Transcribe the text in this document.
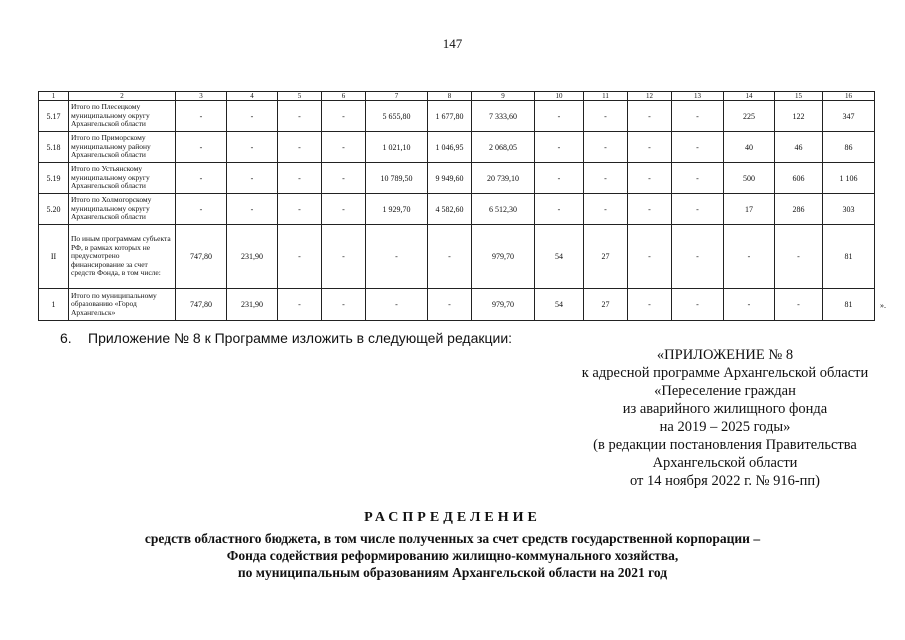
147
1	2	3	4	5	6	7	8	9	10	11	12	13	14	15	16
5.17	Итого по Плесецкому муниципальному округу Архангельской области	-	-	-	-	5 655,80	1 677,80	7 333,60	-	-	-	-	225	122	347
5.18	Итого по Приморскому муниципальному району Архангельской области	-	-	-	-	1 021,10	1 046,95	2 068,05	-	-	-	-	40	46	86
5.19	Итого по Устьянскому муниципальному округу Архангельской области	-	-	-	-	10 789,50	9 949,60	20 739,10	-	-	-	-	500	606	1 106
5.20	Итого по Холмогорскому муниципальному округу Архангельской области	-	-	-	-	1 929,70	4 582,60	6 512,30	-	-	-	-	17	286	303
II	По иным программам субъекта РФ, в рамках которых не предусмотрено финансирование за счет средств Фонда, в том числе:	747,80	231,90	-	-	-	-	979,70	54	27	-	-	-	-	81
1	Итого по муниципальному образованию «Город Архангельск»	747,80	231,90	-	-	-	-	979,70	54	27	-	-	-	-	81	».
6. Приложение № 8 к Программе изложить в следующей редакции:
«ПРИЛОЖЕНИЕ № 8
к адресной программе Архангельской области
«Переселение граждан
из аварийного жилищного фонда
на 2019 – 2025 годы»
(в редакции постановления Правительства
Архангельской области
от 14 ноября 2022 г. № 916-пп)
РАСПРЕДЕЛЕНИЕ
средств областного бюджета, в том числе полученных за счет средств государственной корпорации –
Фонда содействия реформированию жилищно-коммунального хозяйства,
по муниципальным образованиям Архангельской области на 2021 год
